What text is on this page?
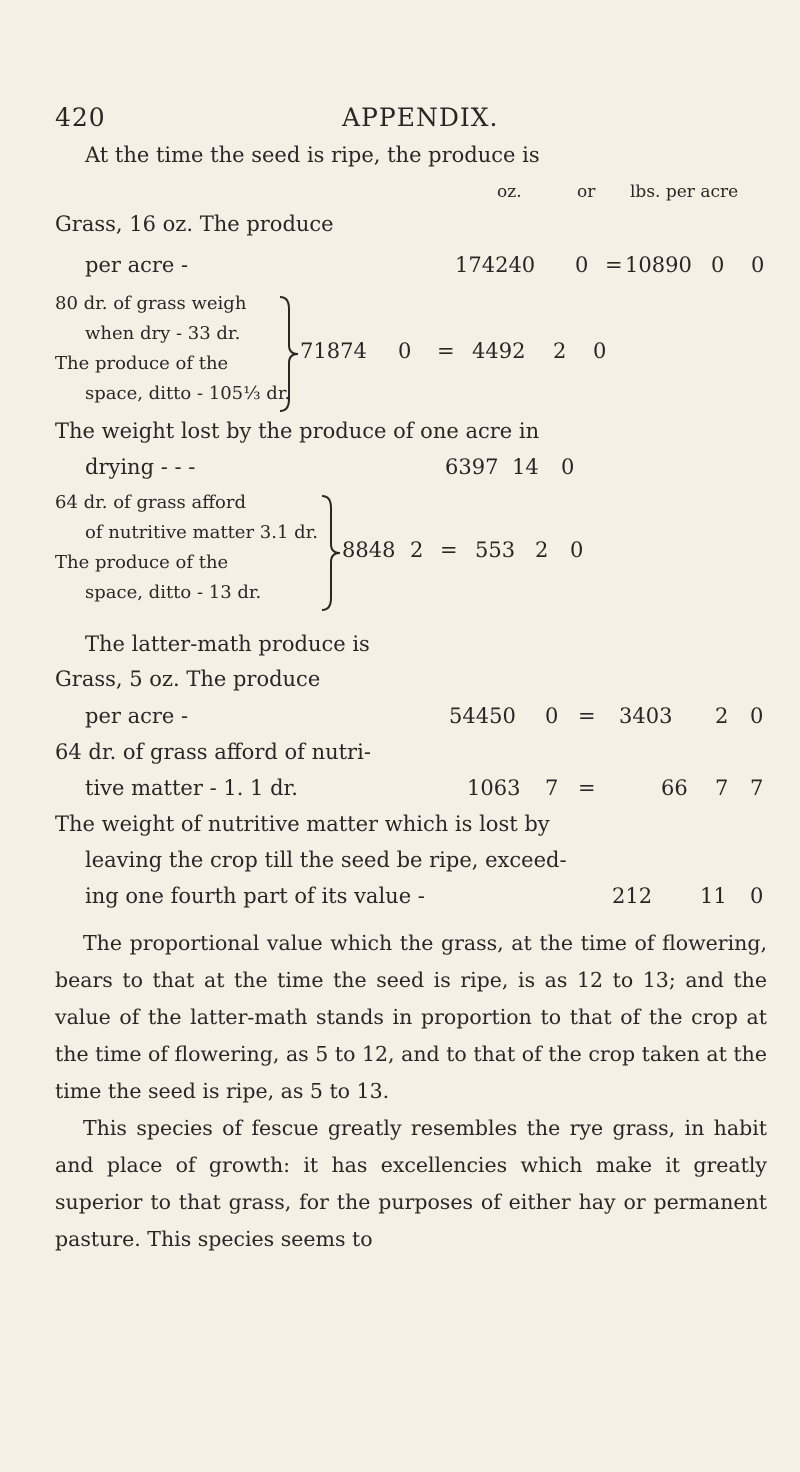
420	APPENDIX.
At the time the seed is ripe, the produce is
oz.	or lbs. per acre
Grass, 16 oz. The produce
per acre -	174240 0 = 10890 0 0
80 dr. of grass weigh
when dry - 33 dr.
The produce of the
space, ditto - 105⅓ dr.
71874 0 = 4492 2 0
The weight lost by the produce of one acre in
drying - - -	6397 14 0
64 dr. of grass afford
of nutritive matter 3.1 dr.
The produce of the
space, ditto - 13 dr.
8848 2 = 553 2 0
The latter-math produce is
Grass, 5 oz. The produce
per acre -	54450 0 = 3403 2 0
64 dr. of grass afford of nutri-
tive matter - 1. 1 dr.	1063 7 =	66 7 7
The weight of nutritive matter which is lost by
leaving the crop till the seed be ripe, exceed-
ing one fourth part of its value -	212 11 0

The proportional value which the grass, at the time of flowering, bears to that at the time the seed is ripe, is as 12 to 13; and the value of the latter-math stands in proportion to that of the crop at the time of flowering, as 5 to 12, and to that of the crop taken at the time the seed is ripe, as 5 to 13.

This species of fescue greatly resembles the rye grass, in habit and place of growth: it has excellencies which make it greatly superior to that grass, for the purposes of either hay or permanent pasture. This species seems to
